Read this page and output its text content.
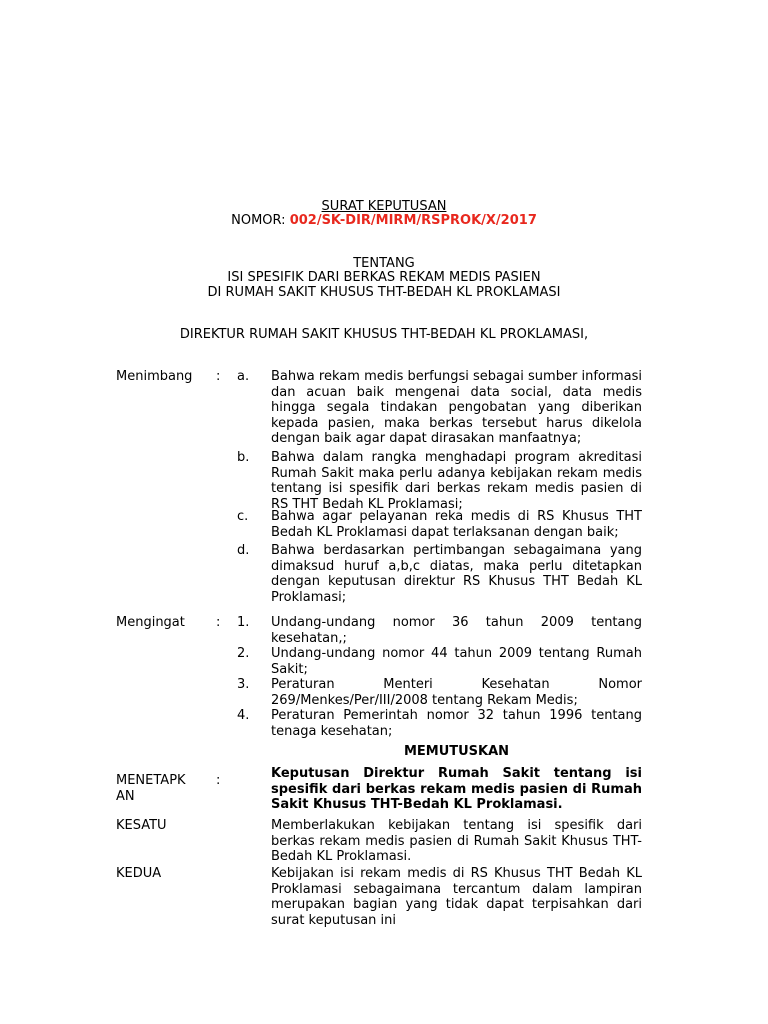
SURAT KEPUTUSAN
NOMOR: 002/SK-DIR/MIRM/RSPROK/X/2017
TENTANG
ISI SPESIFIK DARI BERKAS REKAM MEDIS PASIEN
DI RUMAH SAKIT KHUSUS THT-BEDAH KL PROKLAMASI
DIREKTUR RUMAH SAKIT KHUSUS THT-BEDAH KL PROKLAMASI,
Menimbang : a. Bahwa rekam medis berfungsi sebagai sumber informasi dan acuan baik mengenai data social, data medis hingga segala tindakan pengobatan yang diberikan kepada pasien, maka berkas tersebut harus dikelola dengan baik agar dapat dirasakan manfaatnya;
b. Bahwa dalam rangka menghadapi program akreditasi Rumah Sakit maka perlu adanya kebijakan rekam medis tentang isi spesifik dari berkas rekam medis pasien di RS THT Bedah KL Proklamasi;
c. Bahwa agar pelayanan reka medis di RS Khusus THT Bedah KL Proklamasi dapat terlaksanan dengan baik;
d. Bahwa berdasarkan pertimbangan sebagaimana yang dimaksud huruf a,b,c diatas, maka perlu ditetapkan dengan keputusan direktur RS Khusus THT Bedah KL Proklamasi;
Mengingat : 1. Undang-undang nomor 36 tahun 2009 tentang kesehatan,;
2. Undang-undang nomor 44 tahun 2009 tentang Rumah Sakit;
3. Peraturan Menteri Kesehatan Nomor 269/Menkes/Per/III/2008 tentang Rekam Medis;
4. Peraturan Pemerintah nomor 32 tahun 1996 tentang tenaga kesehatan;
MEMUTUSKAN
MENETAPK
AN
:	Keputusan Direktur Rumah Sakit tentang isi spesifik dari berkas rekam medis pasien di Rumah Sakit Khusus THT-Bedah KL Proklamasi.
KESATU	Memberlakukan kebijakan tentang isi spesifik dari berkas rekam medis pasien di Rumah Sakit Khusus THT-Bedah KL Proklamasi.
KEDUA	Kebijakan isi rekam medis di RS Khusus THT Bedah KL Proklamasi sebagaimana tercantum dalam lampiran merupakan bagian yang tidak dapat terpisahkan dari surat keputusan ini
